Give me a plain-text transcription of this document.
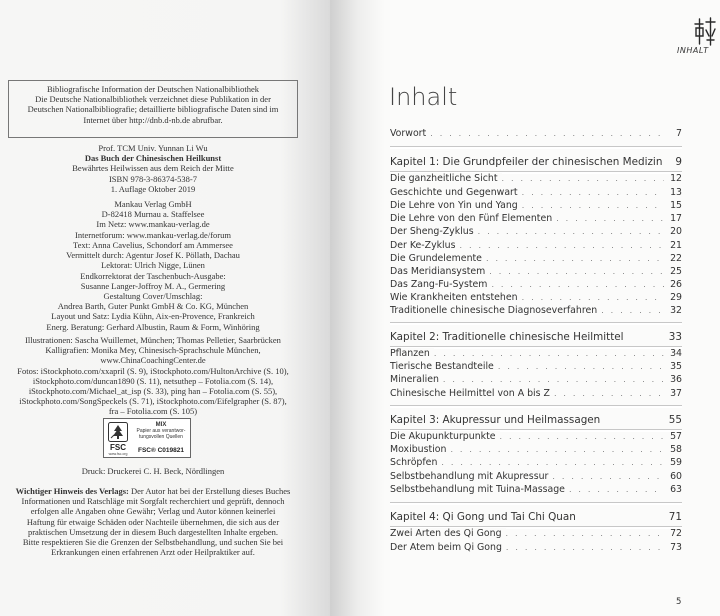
Bibliografische Information der Deutschen Nationalbibliothek
Die Deutsche Nationalbibliothek verzeichnet diese Publikation in der
Deutschen Nationalbibliografie; detaillierte bibliografische Daten sind im
Internet über http://dnb.d-nb.de abrufbar.
Prof. TCM Univ. Yunnan Li Wu
Das Buch der Chinesischen Heilkunst
Bewährtes Heilwissen aus dem Reich der Mitte
ISBN 978-3-86374-538-7
1. Auflage Oktober 2019
Mankau Verlag GmbH
D-82418 Murnau a. Staffelsee
Im Netz: www.mankau-verlag.de
Internetforum: www.mankau-verlag.de/forum
Text: Anna Cavelius, Schondorf am Ammersee
Vermittelt durch: Agentur Josef K. Pöllath, Dachau
Lektorat: Ulrich Nigge, Lünen
Endkorrektorat der Taschenbuch-Ausgabe:
Susanne Langer-Joffroy M. A., Germering
Gestaltung Cover/Umschlag:
Andrea Barth, Guter Punkt GmbH & Co. KG, München
Layout und Satz: Lydia Kühn, Aix-en-Provence, Frankreich
Energ. Beratung: Gerhard Albustin, Raum & Form, Winhöring
Illustrationen: Sascha Wuillemet, München; Thomas Pelletier, Saarbrücken
Kalligrafien: Monika Mey, Chinesisch-Sprachschule München,
www.ChinaCoachingCenter.de
Fotos: iStockphoto.com/xxapril (S. 9), iStockphoto.com/HultonArchive (S. 10),
iStockphoto.com/duncan1890 (S. 11), netsuthep – Fotolia.com (S. 14),
iStockphoto.com/Michael_at_isp (S. 33), ping han – Fotolia.com (S. 55),
iStockphoto.com/SongSpeckels (S. 71), iStockphoto.com/Eifelgrapher (S. 87),
fra – Fotolia.com (S. 105)
FSC
www.fsc.org
MIX
Papier aus verantwor-
tungsvollen Quellen
FSC® C019821
Druck: Druckerei C. H. Beck, Nördlingen
Wichtiger Hinweis des Verlags: Der Autor hat bei der Erstellung dieses Buches
Informationen und Ratschläge mit Sorgfalt recherchiert und geprüft, dennoch
erfolgen alle Angaben ohne Gewähr; Verlag und Autor können keinerlei
Haftung für etwaige Schäden oder Nachteile übernehmen, die sich aus der
praktischen Umsetzung der in diesem Buch dargestellten Inhalte ergeben.
Bitte respektieren Sie die Grenzen der Selbstbehandlung, und suchen Sie bei
Erkrankungen einen erfahrenen Arzt oder Heilpraktiker auf.
INHALT
Inhalt
Vorwort . . .	7
Kapitel 1: Die Grundpfeiler der chinesischen Medizin	9
Die ganzheitliche Sicht . . .	12
Geschichte und Gegenwart . . .	13
Die Lehre von Yin und Yang . . .	15
Die Lehre von den Fünf Elementen . . .	17
Der Sheng-Zyklus . . .	20
Der Ke-Zyklus . . .	21
Die Grundelemente . . .	22
Das Meridiansystem . . .	25
Das Zang-Fu-System . . .	26
Wie Krankheiten entstehen . . .	29
Traditionelle chinesische Diagnoseverfahren . . .	32
Kapitel 2: Traditionelle chinesische Heilmittel	33
Pflanzen . . .	34
Tierische Bestandteile . . .	35
Mineralien . . .	36
Chinesische Heilmittel von A bis Z . . .	37
Kapitel 3: Akupressur und Heilmassagen	55
Die Akupunkturpunkte . . .	57
Moxibustion . . .	58
Schröpfen . . .	59
Selbstbehandlung mit Akupressur . . .	60
Selbstbehandlung mit Tuina-Massage . . .	63
Kapitel 4: Qi Gong und Tai Chi Quan	71
Zwei Arten des Qi Gong . . .	72
Der Atem beim Qi Gong . . .	73
5
